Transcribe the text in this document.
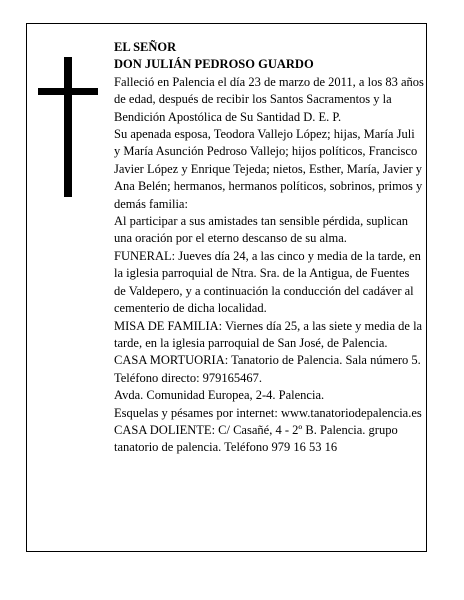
EL SEÑOR

DON JULIÁN PEDROSO GUARDO

Falleció en Palencia el día 23 de marzo de 2011, a los 83 años de edad, después de recibir los Santos Sacramentos y la Bendición Apostólica de Su Santidad D. E. P.

Su apenada esposa, Teodora Vallejo López; hijas, María Juli y María Asunción Pedroso Vallejo; hijos políticos, Francisco Javier López y Enrique Tejeda; nietos, Esther, María, Javier y Ana Belén; hermanos, hermanos políticos, sobrinos, primos y demás familia:

Al participar a sus amistades tan sensible pérdida, suplican una oración por el eterno descanso de su alma.

FUNERAL: Jueves día 24, a las cinco y media de la tarde, en la iglesia parroquial de Ntra. Sra. de la Antigua, de Fuentes de Valdepero, y a continuación la conducción del cadáver al cementerio de dicha localidad.

MISA DE FAMILIA: Viernes día 25, a las siete y media de la tarde, en la iglesia parroquial de San José, de Palencia.

CASA MORTUORIA: Tanatorio de Palencia. Sala número 5. Teléfono directo: 979165467.

Avda. Comunidad Europea, 2-4. Palencia.

Esquelas y pésames por internet: www.tanatoriodepalencia.es

CASA DOLIENTE: C/ Casañé, 4 - 2º B. Palencia. grupo tanatorio de palencia. Teléfono 979 16 53 16
